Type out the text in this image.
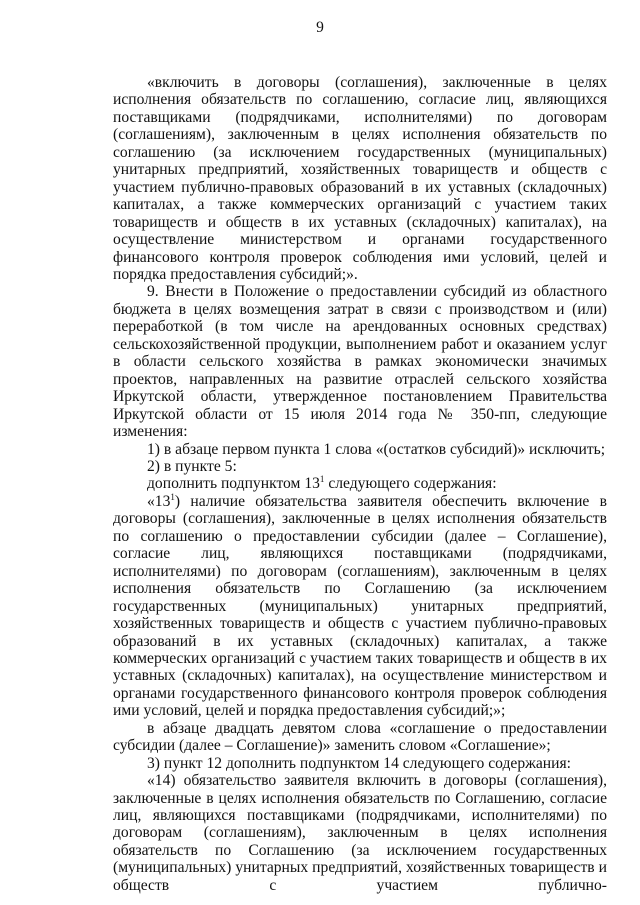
9

«включить в договоры (соглашения), заключенные в целях исполнения обязательств по соглашению, согласие лиц, являющихся поставщиками (подрядчиками, исполнителями) по договорам (соглашениям), заключенным в целях исполнения обязательств по соглашению (за исключением государственных (муниципальных) унитарных предприятий, хозяйственных товариществ и обществ с участием публично-правовых образований в их уставных (складочных) капиталах, а также коммерческих организаций с участием таких товариществ и обществ в их уставных (складочных) капиталах), на осуществление министерством и органами государственного финансового контроля проверок соблюдения ими условий, целей и порядка предоставления субсидий;».

9. Внести в Положение о предоставлении субсидий из областного бюджета в целях возмещения затрат в связи с производством и (или) переработкой (в том числе на арендованных основных средствах) сельскохозяйственной продукции, выполнением работ и оказанием услуг в области сельского хозяйства в рамках экономически значимых проектов, направленных на развитие отраслей сельского хозяйства Иркутской области, утвержденное постановлением Правительства Иркутской области от 15 июля 2014 года № 350-пп, следующие изменения:

1) в абзаце первом пункта 1 слова «(остатков субсидий)» исключить;

2) в пункте 5:

дополнить подпунктом $13^1$ следующего содержания:

«$13^1$) наличие обязательства заявителя обеспечить включение в договоры (соглашения), заключенные в целях исполнения обязательств по соглашению о предоставлении субсидии (далее – Соглашение), согласие лиц, являющихся поставщиками (подрядчиками, исполнителями) по договорам (соглашениям), заключенным в целях исполнения обязательств по Соглашению (за исключением государственных (муниципальных) унитарных предприятий, хозяйственных товариществ и обществ с участием публично-правовых образований в их уставных (складочных) капиталах, а также коммерческих организаций с участием таких товариществ и обществ в их уставных (складочных) капиталах), на осуществление министерством и органами государственного финансового контроля проверок соблюдения ими условий, целей и порядка предоставления субсидий;»;

в абзаце двадцать девятом слова «соглашение о предоставлении субсидии (далее – Соглашение)» заменить словом «Соглашение»;

3) пункт 12 дополнить подпунктом 14 следующего содержания:

«14) обязательство заявителя включить в договоры (соглашения), заключенные в целях исполнения обязательств по Соглашению, согласие лиц, являющихся поставщиками (подрядчиками, исполнителями) по договорам (соглашениям), заключенным в целях исполнения обязательств по Соглашению (за исключением государственных (муниципальных) унитарных предприятий, хозяйственных товариществ и обществ с участием публично-
